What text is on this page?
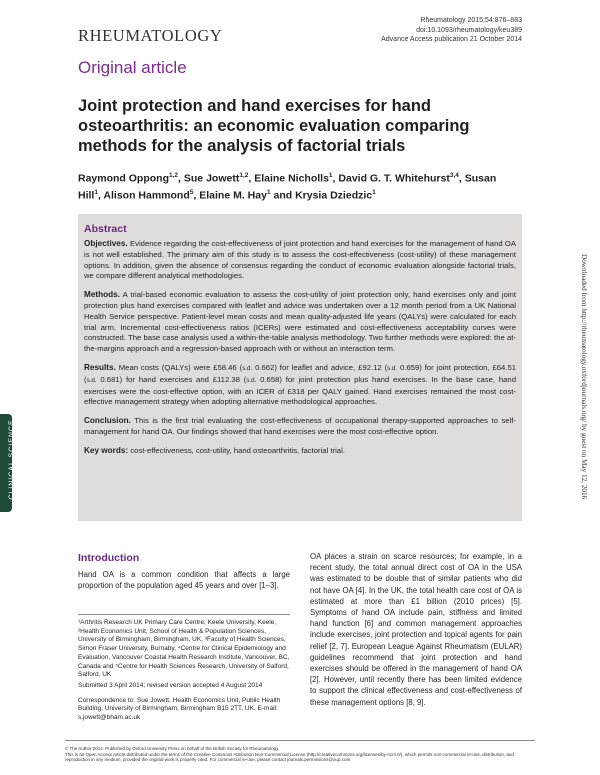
RHEUMATOLOGY
Rheumatology 2015;54:876–883
doi:10.1093/rheumatology/keu389
Advance Access publication 21 October 2014
Original article
Joint protection and hand exercises for hand osteoarthritis: an economic evaluation comparing methods for the analysis of factorial trials
Raymond Oppong$^{1,2}$, Sue Jowett$^{1,2}$, Elaine Nicholls$^1$, David G. T. Whitehurst$^{3,4}$, Susan Hill$^1$, Alison Hammond$^5$, Elaine M. Hay$^1$ and Krysia Dziedzic$^1$
Abstract

Objectives. Evidence regarding the cost-effectiveness of joint protection and hand exercises for the management of hand OA is not well established. The primary aim of this study is to assess the cost-effectiveness (cost-utility) of these management options. In addition, given the absence of consensus regarding the conduct of economic evaluation alongside factorial trials, we compare different analytical methodologies.

Methods. A trial-based economic evaluation to assess the cost-utility of joint protection only, hand exercises only and joint protection plus hand exercises compared with leaflet and advice was undertaken over a 12 month period from a UK National Health Service perspective. Patient-level mean costs and mean quality-adjusted life years (QALYs) were calculated for each trial arm. Incremental cost-effectiveness ratios (ICERs) were estimated and cost-effectiveness acceptability curves were constructed. The base case analysis used a within-the-table analysis methodology. Two further methods were explored: the at-the-margins approach and a regression-based approach with or without an interaction term.

Results. Mean costs (QALYs) were £58.46 (s.d. 0.662) for leaflet and advice, £92.12 (s.d. 0.659) for joint protection, £64.51 (s.d. 0.681) for hand exercises and £112.38 (s.d. 0.658) for joint protection plus hand exercises. In the base case, hand exercises were the cost-effective option, with an ICER of £318 per QALY gained. Hand exercises remained the most cost-effective management strategy when adopting alternative methodological approaches.

Conclusion. This is the first trial evaluating the cost-effectiveness of occupational therapy-supported approaches to self-management for hand OA. Our findings showed that hand exercises were the most cost-effective option.

Key words: cost-effectiveness, cost-utility, hand osteoarthritis, factorial trial.

CLINICAL SCIENCE	Downloaded from http://rheumatology.oxfordjournals.org/ by guest on May 12, 2016
Introduction
Hand OA is a common condition that affects a large proportion of the population aged 45 years and over [1–3].

¹Arthritis Research UK Primary Care Centre, Keele University, Keele, ²Health Economics Unit, School of Health & Population Sciences, University of Birmingham, Birmingham, UK, ³Faculty of Health Sciences, Simon Fraser University, Burnaby, ⁴Centre for Clinical Epidemiology and Evaluation, Vancouver Coastal Health Research Institute, Vancouver, BC, Canada and ⁵Centre for Health Sciences Research, University of Salford, Salford, UK

Submitted 3 April 2014; revised version accepted 4 August 2014

Correspondence to: Sue Jowett, Health Economics Unit, Public Health Building, University of Birmingham, Birmingham B15 2TT, UK. E-mail: s.jowett@bham.ac.uk

OA places a strain on scarce resources; for example, in a recent study, the total annual direct cost of OA in the USA was estimated to be double that of similar patients who did not have OA [4]. In the UK, the total health care cost of OA is estimated at more than £1 billion (2010 prices) [5]. Symptoms of hand OA include pain, stiffness and limited hand function [6] and common management approaches include exercises, joint protection and topical agents for pain relief [2, 7]. European League Against Rheumatism (EULAR) guidelines recommend that joint protection and hand exercises should be offered in the management of hand OA [2]. However, until recently there has been limited evidence to support the clinical effectiveness and cost-effectiveness of these management options [8, 9].
© The Author 2014. Published by Oxford University Press on behalf of the British Society for Rheumatology.
This is an Open Access article distributed under the terms of the Creative Commons Attribution Non-Commercial License (http://creativecommons.org/licenses/by-nc/4.0/), which permits non-commercial re-use, distribution, and reproduction in any medium, provided the original work is properly cited. For commercial re-use, please contact journals.permissions@oup.com
